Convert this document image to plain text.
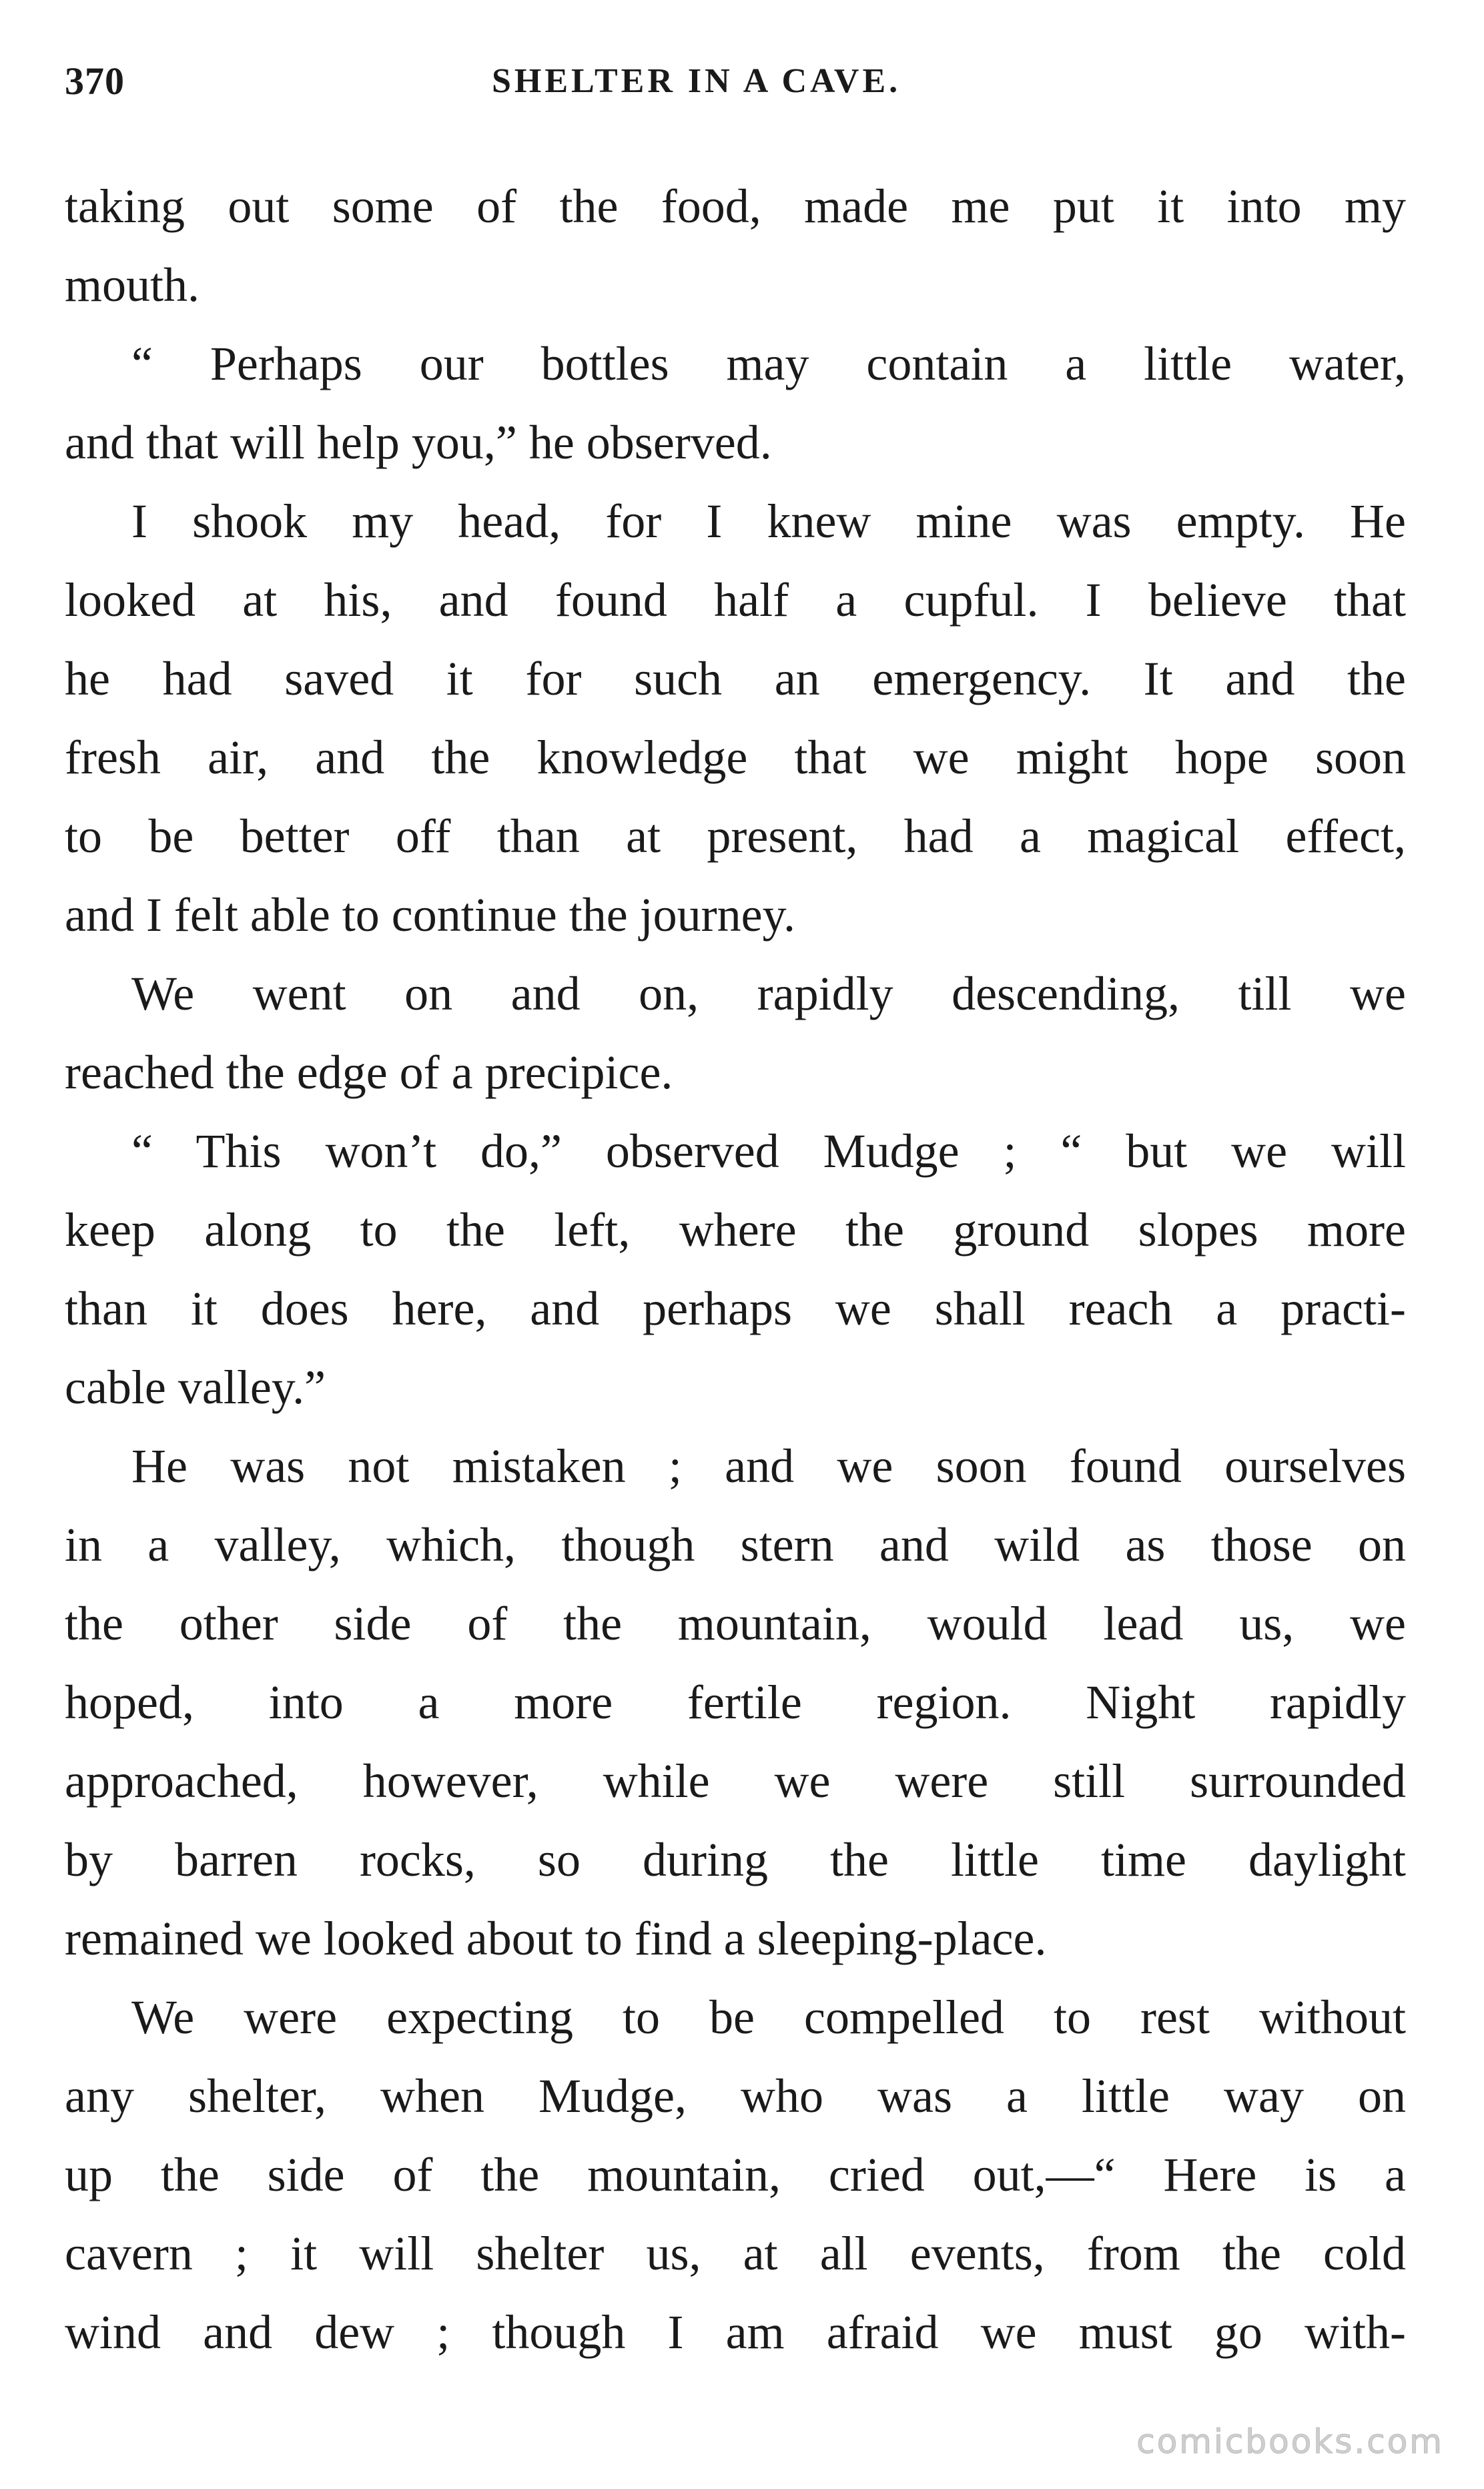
370	SHELTER IN A CAVE.
taking out some of the food, made me put it into my
mouth.
“ Perhaps our bottles may contain a little water,
and that will help you,” he observed.
I shook my head, for I knew mine was empty. He
looked at his, and found half a cupful. I believe that
he had saved it for such an emergency. It and the
fresh air, and the knowledge that we might hope soon
to be better off than at present, had a magical effect,
and I felt able to continue the journey.
We went on and on, rapidly descending, till we
reached the edge of a precipice.
“ This won’t do,” observed Mudge ; “ but we will
keep along to the left, where the ground slopes more
than it does here, and perhaps we shall reach a practi-
cable valley.”
He was not mistaken ; and we soon found ourselves
in a valley, which, though stern and wild as those on
the other side of the mountain, would lead us, we
hoped, into a more fertile region. Night rapidly
approached, however, while we were still surrounded
by barren rocks, so during the little time daylight
remained we looked about to find a sleeping-place.
We were expecting to be compelled to rest without
any shelter, when Mudge, who was a little way on
up the side of the mountain, cried out,—“ Here is a
cavern ; it will shelter us, at all events, from the cold
wind and dew ; though I am afraid we must go with-
comicbooks.com
